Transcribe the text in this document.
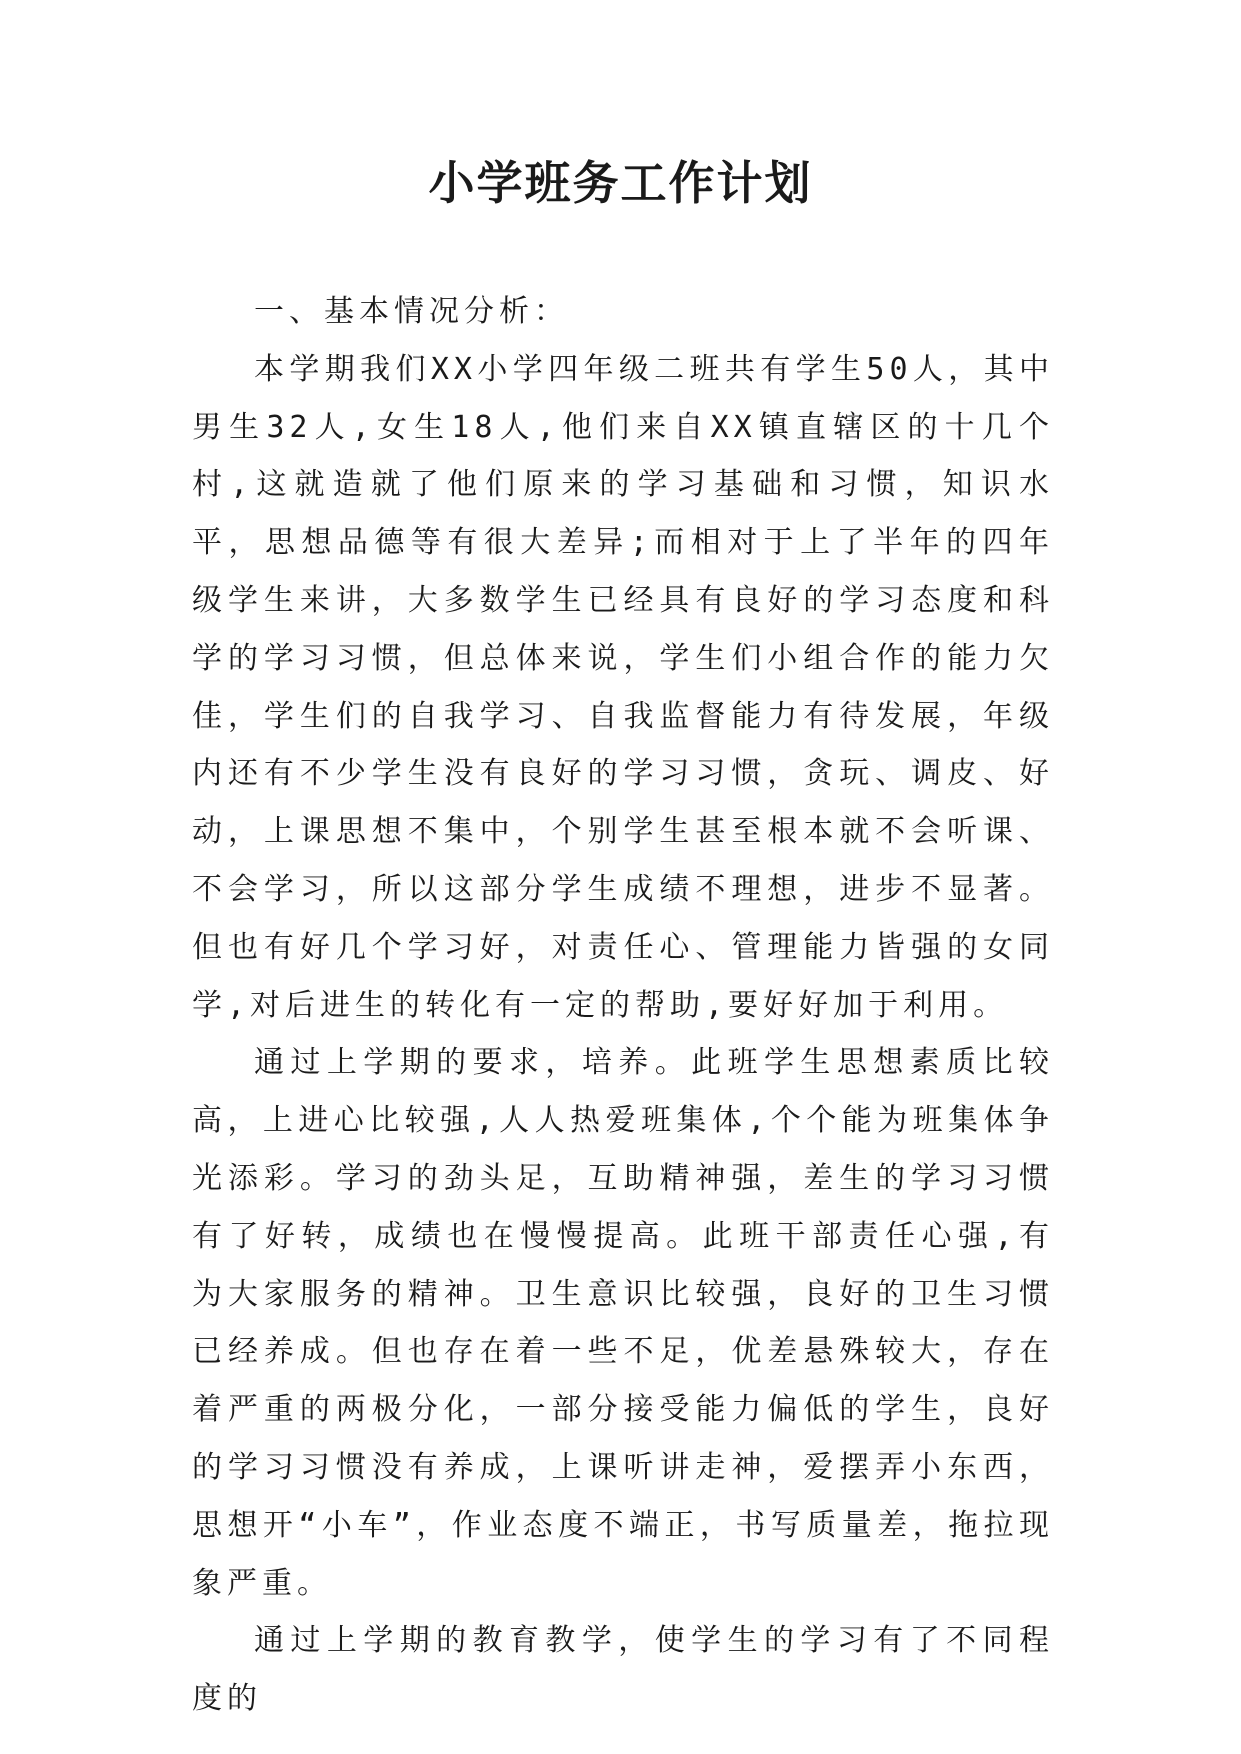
小学班务工作计划

一、基本情况分析：

本学期我们XX小学四年级二班共有学生50人，其中男生32人,女生18人,他们来自XX镇直辖区的十几个村,这就造就了他们原来的学习基础和习惯，知识水平，思想品德等有很大差异;而相对于上了半年的四年级学生来讲，大多数学生已经具有良好的学习态度和科学的学习习惯，但总体来说，学生们小组合作的能力欠佳，学生们的自我学习、自我监督能力有待发展，年级内还有不少学生没有良好的学习习惯，贪玩、调皮、好动，上课思想不集中，个别学生甚至根本就不会听课、不会学习，所以这部分学生成绩不理想，进步不显著。但也有好几个学习好，对责任心、管理能力皆强的女同学,对后进生的转化有一定的帮助,要好好加于利用。

通过上学期的要求，培养。此班学生思想素质比较高，上进心比较强,人人热爱班集体,个个能为班集体争光添彩。学习的劲头足，互助精神强，差生的学习习惯有了好转，成绩也在慢慢提高。此班干部责任心强,有为大家服务的精神。卫生意识比较强，良好的卫生习惯已经养成。但也存在着一些不足，优差悬殊较大，存在着严重的两极分化，一部分接受能力偏低的学生，良好的学习习惯没有养成，上课听讲走神，爱摆弄小东西，思想开“小车”，作业态度不端正，书写质量差，拖拉现象严重。

通过上学期的教育教学，使学生的学习有了不同程度的
